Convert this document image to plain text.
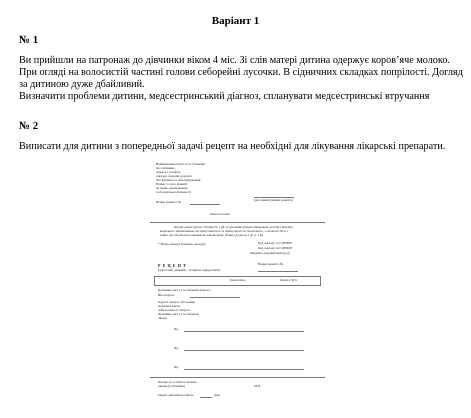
Варіант 1
№ 1
Ви прийшли на патронаж до дівчинки віком 4 міс. Зі слів матері дитина одержує коров’яче молоко.
При огляді на волосистій частині голови себорейні лусочки. В сідничних складках попрілості. Догляд
за дитиною дуже дбайливий.
Визначити проблеми дитини, медсестринський діагноз, спланувати медсестринські втручання
№ 2
Виписати для дитини з попередньої задачі рецепт на необхідні для лікування лікарські препарати.
Найменування (ім'я та по батькові)
або прізвище,
Адреса і телефон
закладу охорони здоров'я
або фізичної особи-підприємця,
Номер та дата ліцензії
на право провадження
господарської діяльності
(дата виписування рецепта)
Номер рецепта №
місце печатки
Форма рецептурного бланка № 1 (ф-1) для виписування лікарських засобів і виробів
медичного призначення, що відпускаються за повну вартість, безоплатно, з оплатою 50%, і
таких, що підлягають предметно-кількісному обліку (додаток 1 до п. 1.8)
* Назва закладу (печатка закладу)	Код закладу за ЄДРПОУ
Код закладу за ЄДРПОУ
Медична документація (р-к)
Р Е Ц Е П Т
(дорослий, дитячий – потрібне підкреслити)
Номер рецепта №
Безоплатно	Оплата 50%
Прізвище, ім'я та по батькові хворого
Вік хворого
Адреса хворого або номер
медичної карти
амбулаторного хворого
Прізвище, ім'я та по батькові
лікаря
Rp:
Rp:
Rp:
Підпис та особиста печатка
лікаря (розбірливо)	М.П.
Рецепт дійсний протягом	днів
